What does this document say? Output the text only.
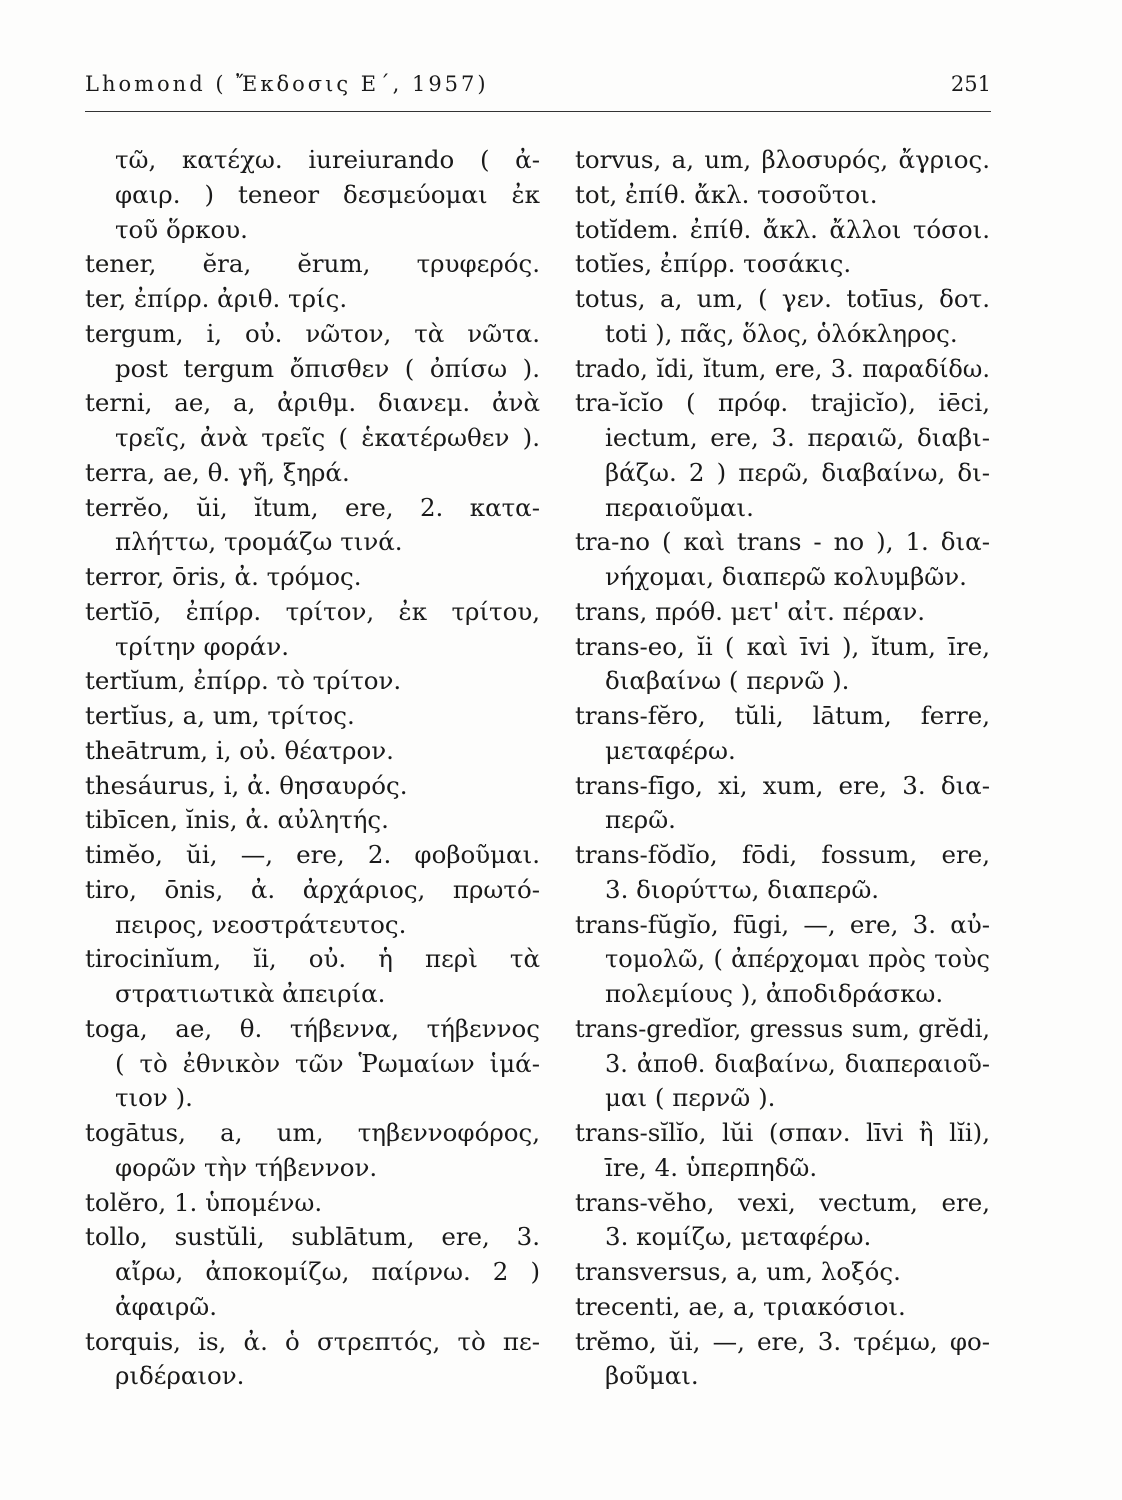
Lhomond ( Ἔκδοσις Ε΄, 1957)	251
τῶ, κατέχω. iureiurando ( ἀ-
φαιρ. ) teneor δεσμεύομαι ἐκ
τοῦ ὅρκου.
tener, ĕra, ĕrum, τρυφερός.
ter, ἐπίρρ. ἀριθ. τρίς.
tergum, i, οὐ. νῶτον, τὰ νῶτα.
post tergum ὄπισθεν ( ὀπίσω ).
terni, ae, a, ἀριθμ. διανεμ. ἀνὰ
τρεῖς, ἀνὰ τρεῖς ( ἑκατέρωθεν ).
terra, ae, θ. γῆ, ξηρά.
terrĕo, ŭi, ĭtum, ere, 2. κατα-
πλήττω, τρομάζω τινά.
terror, ōris, ἀ. τρόμος.
tertĭō, ἐπίρρ. τρίτον, ἐκ τρίτου,
τρίτην φοράν.
tertĭum, ἐπίρρ. τὸ τρίτον.
tertĭus, a, um, τρίτος.
theātrum, i, οὐ. θέατρον.
thesáurus, i, ἀ. θησαυρός.
tibīcen, ĭnis, ἀ. αὐλητής.
timĕo, ŭi, —, ere, 2. φοβοῦμαι.
tiro, ōnis, ἀ. ἀρχάριος, πρωτό-
πειρος, νεοστράτευτος.
tirocinĭum, ĭi, οὐ. ἡ περὶ τὰ
στρατιωτικὰ ἀπειρία.
toga, ae, θ. τήβεννα, τήβεννος
( τὸ ἐθνικὸν τῶν Ῥωμαίων ἱμά-
τιον ).
togātus, a, um, τηβεννοφόρος,
φορῶν τὴν τήβεννον.
tolĕro, 1. ὑπομένω.
tollo, sustŭli, sublātum, ere, 3.
αἴρω, ἀποκομίζω, παίρνω. 2 )
ἀφαιρῶ.
torquis, is, ἀ. ὁ στρεπτός, τὸ πε-
ριδέραιον.
torvus, a, um, βλοσυρός, ἄγριος.
tot, ἐπίθ. ἄκλ. τοσοῦτοι.
totĭdem. ἐπίθ. ἄκλ. ἄλλοι τόσοι.
totĭes, ἐπίρρ. τοσάκις.
totus, a, um, ( γεν. totīus, δοτ.
toti ), πᾶς, ὅλος, ὁλόκληρος.
trado, ĭdi, ĭtum, ere, 3. παραδίδω.
tra-ĭcĭo ( πρόφ. trajicĭo), iēci,
iectum, ere, 3. περαιῶ, διαβι-
βάζω. 2 ) περῶ, διαβαίνω, δι-
περαιοῦμαι.
tra-no ( καὶ trans - no ), 1. δια-
νήχομαι, διαπερῶ κολυμβῶν.
trans, πρόθ. μετ' αἰτ. πέραν.
trans-eo, ĭi ( καὶ īvi ), ĭtum, īre,
διαβαίνω ( περνῶ ).
trans-fĕro, tŭli, lātum, ferre,
μεταφέρω.
trans-fīgo, xi, xum, ere, 3. δια-
περῶ.
trans-fŏdĭo, fōdi, fossum, ere,
3. διορύττω, διαπερῶ.
trans-fŭgĭo, fūgi, —, ere, 3. αὐ-
τομολῶ, ( ἀπέρχομαι πρὸς τοὺς
πολεμίους ), ἀποδιδράσκω.
trans-gredĭor, gressus sum, grĕdi,
3. ἀποθ. διαβαίνω, διαπεραιοῦ-
μαι ( περνῶ ).
trans-sĭlĭo, lŭi (σπαν. līvi ἢ lĭi),
īre, 4. ὑπερπηδῶ.
trans-vĕho, vexi, vectum, ere,
3. κομίζω, μεταφέρω.
transversus, a, um, λοξός.
trecenti, ae, a, τριακόσιοι.
trĕmo, ŭi, —, ere, 3. τρέμω, φο-
βοῦμαι.
